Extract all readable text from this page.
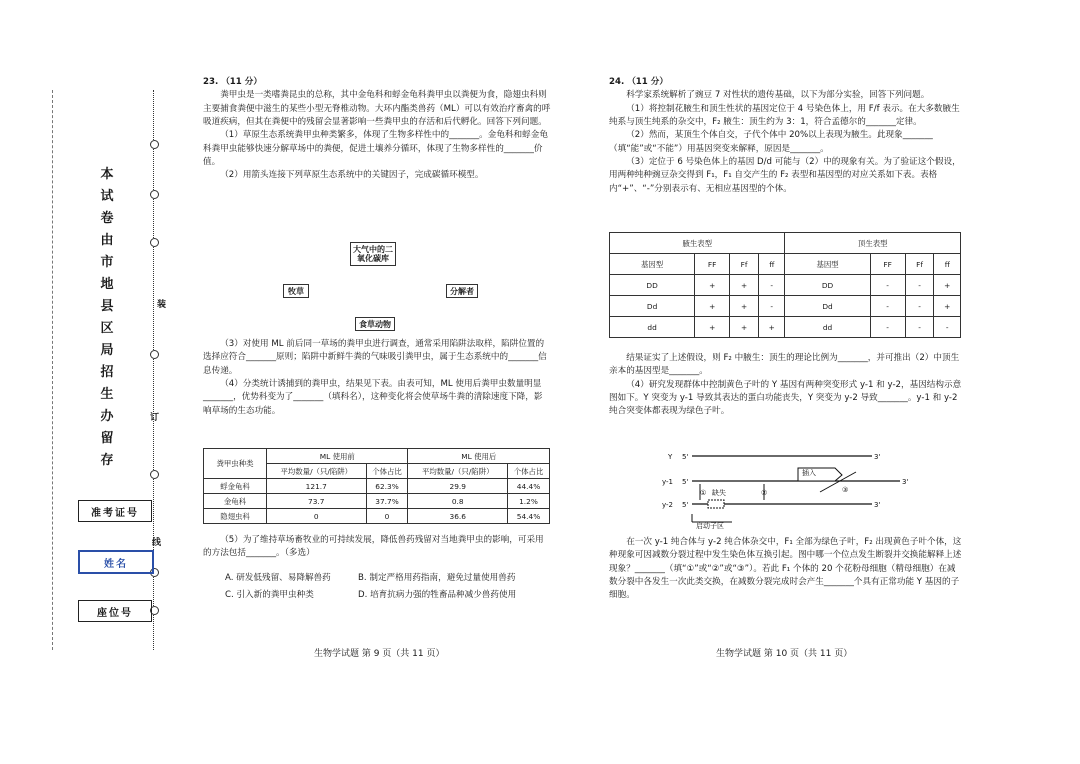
装
订
线
本
试
卷
由
市
地
县
区
局
招
生
办
留
存
准考证号
姓名
座位号

23. （11 分）

粪甲虫是一类嗜粪昆虫的总称，其中金龟科和蜉金龟科粪甲虫以粪便为食，隐翅虫科则主要捕食粪便中滋生的某些小型无脊椎动物。大环内酯类兽药（ML）可以有效治疗畜禽的呼吸道疾病，但其在粪便中的残留会显著影响一些粪甲虫的存活和后代孵化。回答下列问题。

（1）草原生态系统粪甲虫种类繁多，体现了生物多样性中的_______。金龟科和蜉金龟科粪甲虫能够快速分解草场中的粪便，促进土壤养分循环，体现了生物多样性的_______价值。

（2）用箭头连接下列草原生态系统中的关键因子，完成碳循环模型。

大气中的二氧化碳库
牧草	分解者
食草动物

（3）对使用 ML 前后同一草场的粪甲虫进行调查，通常采用陷阱法取样，陷阱位置的选择应符合_______原则；陷阱中新鲜牛粪的气味吸引粪甲虫，属于生态系统中的_______信息传递。

（4）分类统计诱捕到的粪甲虫，结果见下表。由表可知，ML 使用后粪甲虫数量明显_______，优势科变为了_______（填科名），这种变化将会使草场牛粪的清除速度下降，影响草场的生态功能。

粪甲虫种类	ML 使用前		ML 使用后	
	平均数量/（只/陷阱）	个体占比	平均数量/（只/陷阱）	个体占比
蜉金龟科	121.7	62.3%	29.9	44.4%
金龟科	73.7	37.7%	0.8	1.2%
隐翅虫科	0	0	36.6	54.4%

（5）为了维持草场畜牧业的可持续发展，降低兽药残留对当地粪甲虫的影响，可采用的方法包括_______。（多选）

A. 研发低残留、易降解兽药	B. 制定严格用药指南，避免过量使用兽药
C. 引入新的粪甲虫种类	D. 培育抗病力强的牲畜品种减少兽药使用

24. （11 分）

科学家系统解析了豌豆 7 对性状的遗传基础，以下为部分实验，回答下列问题。

（1）将控制花腋生和顶生性状的基因定位于 4 号染色体上，用 F/f 表示。在大多数腋生纯系与顶生纯系的杂交中，F₂ 腋生：顶生约为 3：1，符合孟德尔的_______定律。

（2）然而，某顶生个体自交，子代个体中 20%以上表现为腋生。此现象_______（填“能”或“不能”）用基因突变来解释，原因是_______。

（3）定位于 6 号染色体上的基因 D/d 可能与（2）中的现象有关。为了验证这个假设，用两种纯种豌豆杂交得到 F₁，F₁ 自交产生的 F₂ 表型和基因型的对应关系如下表。表格内“+”、“-”分别表示有、无相应基因型的个体。

腋生表型				顶生表型			
基因型	FF	Ff	ff	基因型	FF	Ff	ff
DD	+	+	-	DD	-	-	+
Dd	+	+	-	Dd	-	-	+
dd	+	+	+	dd	-	-	-

结果证实了上述假设，则 F₂ 中腋生：顶生的理论比例为_______，并可推出（2）中顶生亲本的基因型是_______。

（4）研究发现群体中控制黄色子叶的 Y 基因有两种突变形式 y-1 和 y-2，基因结构示意图如下。Y 突变为 y-1 导致其表达的蛋白功能丧失，Y 突变为 y-2 导致_______。y-1 和 y-2 纯合突变体都表现为绿色子叶。

Y 5'	3'
y-1 5'	3'
插入
y-2 5'	3'
① 缺失	②	③
启动子区

在一次 y-1 纯合体与 y-2 纯合体杂交中，F₁ 全部为绿色子叶，F₂ 出现黄色子叶个体，这种现象可因减数分裂过程中发生染色体互换引起。图中哪一个位点发生断裂并交换能解释上述现象？_______（填“①”或“②”或“③”）。若此 F₁ 个体的 20 个花粉母细胞（精母细胞）在减数分裂中各发生一次此类交换，在减数分裂完成时会产生_______个具有正常功能 Y 基因的子细胞。

生物学试题 第 9 页（共 11 页）	生物学试题 第 10 页（共 11 页）
